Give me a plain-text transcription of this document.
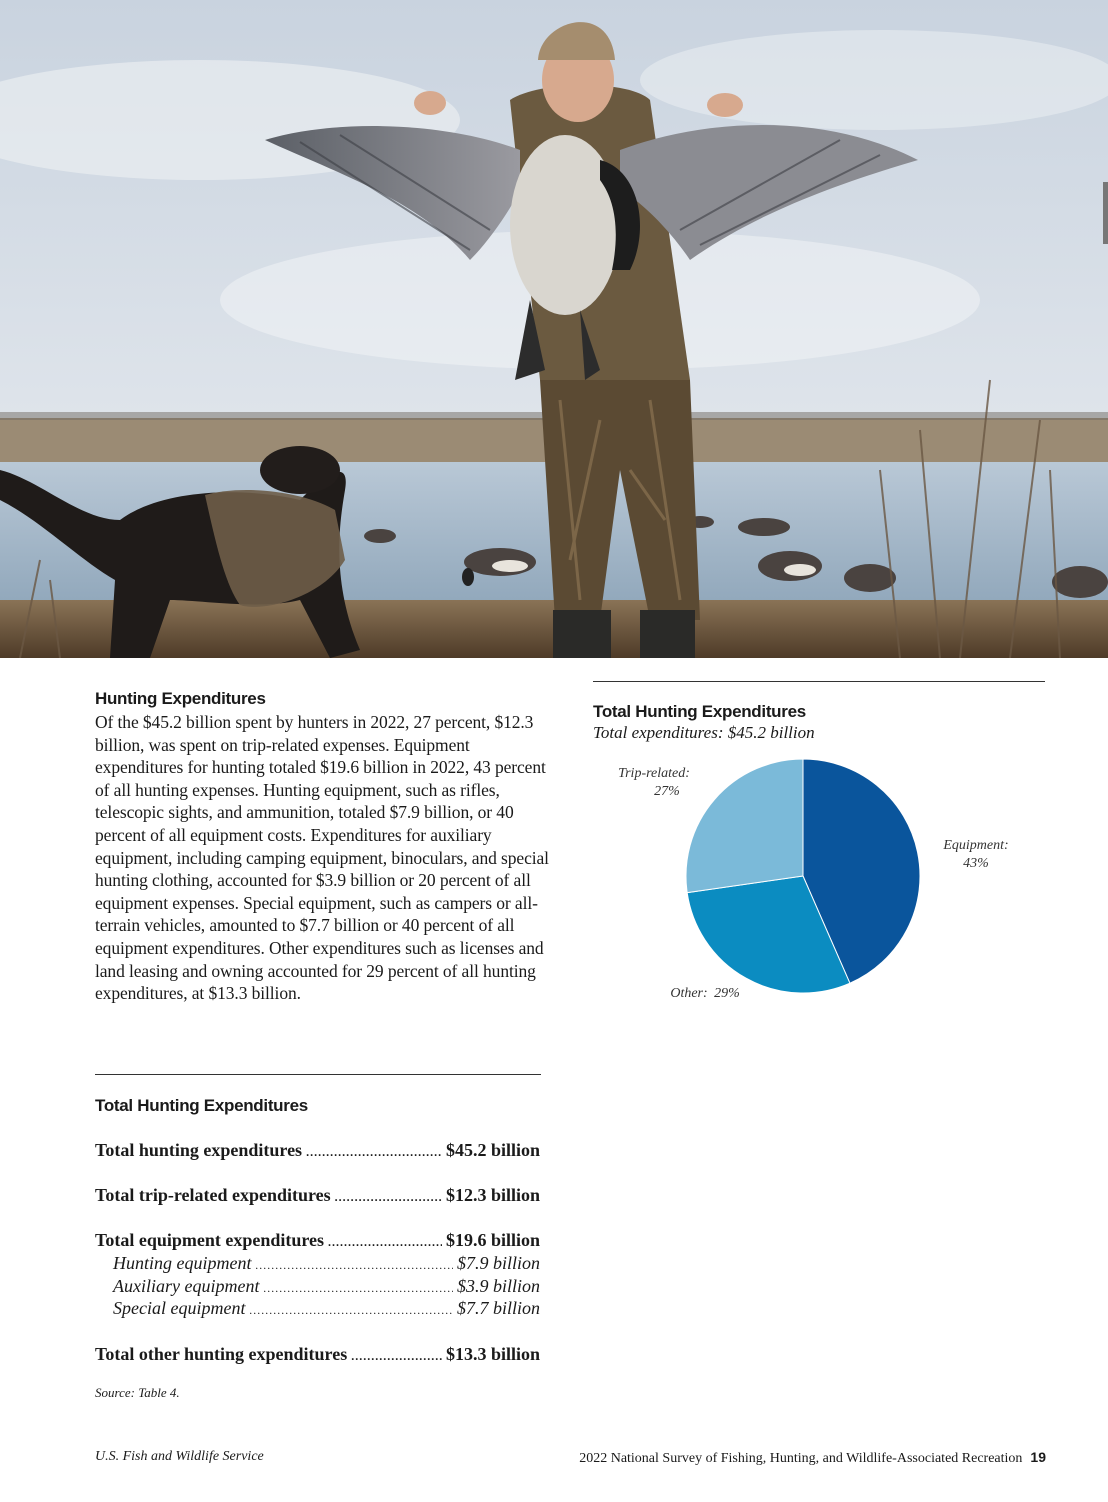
Hunting Expenditures

Of the $45.2 billion spent by hunters in 2022, 27 percent, $12.3 billion, was spent on trip-related expenses. Equipment expenditures for hunting totaled $19.6 billion in 2022, 43 percent of all hunting expenses. Hunting equipment, such as rifles, telescopic sights, and ammunition, totaled $7.9 billion, or 40 percent of all equipment costs. Expenditures for auxiliary equipment, including camping equipment, binoculars, and special hunting clothing, accounted for $3.9 billion or 20 percent of all equipment expenses. Special equipment, such as campers or all-terrain vehicles, amounted to $7.7 billion or 40 percent of all equipment expenditures. Other expenditures such as licenses and land leasing and owning accounted for 29 percent of all hunting expenditures, at $13.3 billion.

Total Hunting Expenditures
Total hunting expenditures .....	$45.2 billion
Total trip-related expenditures .....	$12.3 billion
Total equipment expenditures .....	$19.6 billion
Hunting equipment .....	$7.9 billion
Auxiliary equipment .....	$3.9 billion
Special equipment .....	$7.7 billion
Total other hunting expenditures .....	$13.3 billion
Source: Table 4.
Total Hunting Expenditures
Total expenditures: $45.2 billion
Trip-related:
27%
Equipment:
43%
Other: 29%
U.S. Fish and Wildlife Service	2022 National Survey of Fishing, Hunting, and Wildlife-Associated Recreation 19
